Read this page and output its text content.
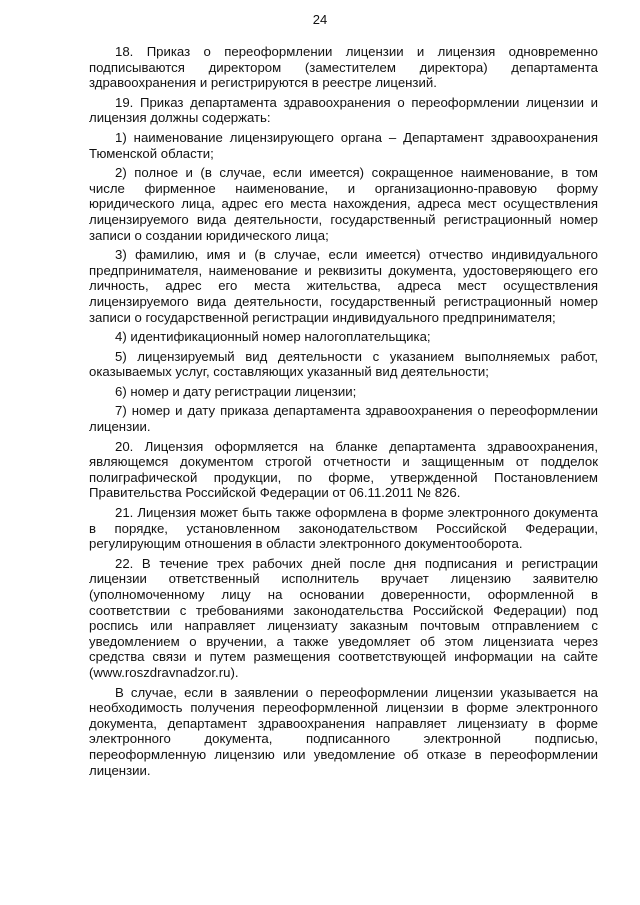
24

18. Приказ о переоформлении лицензии и лицензия одновременно подписываются директором (заместителем директора) департамента здравоохранения и регистрируются в реестре лицензий.

19. Приказ департамента здравоохранения о переоформлении лицензии и лицензия должны содержать:

1) наименование лицензирующего органа – Департамент здравоохранения Тюменской области;

2) полное и (в случае, если имеется) сокращенное наименование, в том числе фирменное наименование, и организационно-правовую форму юридического лица, адрес его места нахождения, адреса мест осуществления лицензируемого вида деятельности, государственный регистрационный номер записи о создании юридического лица;

3) фамилию, имя и (в случае, если имеется) отчество индивидуального предпринимателя, наименование и реквизиты документа, удостоверяющего его личность, адрес его места жительства, адреса мест осуществления лицензируемого вида деятельности, государственный регистрационный номер записи о государственной регистрации индивидуального предпринимателя;

4) идентификационный номер налогоплательщика;

5) лицензируемый вид деятельности с указанием выполняемых работ, оказываемых услуг, составляющих указанный вид деятельности;

6) номер и дату регистрации лицензии;

7) номер и дату приказа департамента здравоохранения о переоформлении лицензии.

20. Лицензия оформляется на бланке департамента здравоохранения, являющемся документом строгой отчетности и защищенным от подделок полиграфической продукции, по форме, утвержденной Постановлением Правительства Российской Федерации от 06.11.2011 № 826.

21. Лицензия может быть также оформлена в форме электронного документа в порядке, установленном законодательством Российской Федерации, регулирующим отношения в области электронного документооборота.

22. В течение трех рабочих дней после дня подписания и регистрации лицензии ответственный исполнитель вручает лицензию заявителю (уполномоченному лицу на основании доверенности, оформленной в соответствии с требованиями законодательства Российской Федерации) под роспись или направляет лицензиату заказным почтовым отправлением с уведомлением о вручении, а также уведомляет об этом лицензиата через средства связи и путем размещения соответствующей информации на сайте (www.roszdravnadzor.ru).

В случае, если в заявлении о переоформлении лицензии указывается на необходимость получения переоформленной лицензии в форме электронного документа, департамент здравоохранения направляет лицензиату в форме электронного документа, подписанного электронной подписью, переоформленную лицензию или уведомление об отказе в переоформлении лицензии.
